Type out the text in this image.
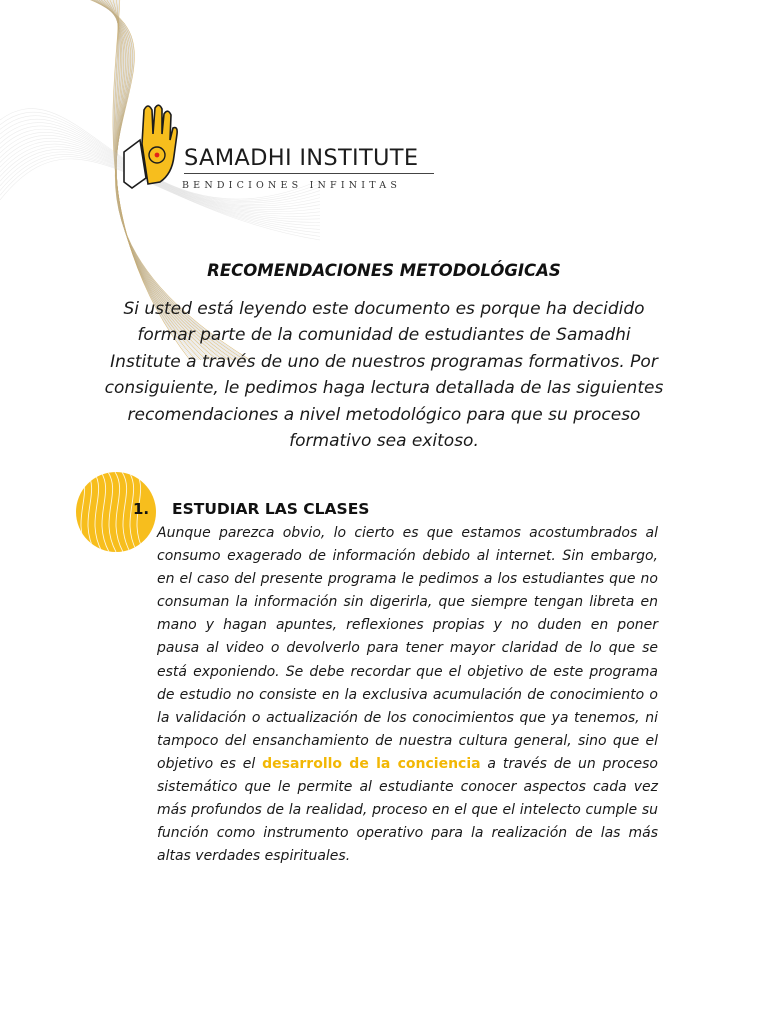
SAMADHI INSTITUTE
BENDICIONES INFINITAS
RECOMENDACIONES METODOLÓGICAS
Si usted está leyendo este documento es porque ha decidido formar parte de la comunidad de estudiantes de Samadhi Institute a través de uno de nuestros programas formativos. Por consiguiente, le pedimos haga lectura detallada de las siguientes recomendaciones a nivel metodológico para que su proceso formativo sea exitoso.
1. ESTUDIAR LAS CLASES
Aunque parezca obvio, lo cierto es que estamos acostumbrados al consumo exagerado de información debido al internet. Sin embargo, en el caso del presente programa le pedimos a los estudiantes que no consuman la información sin digerirla, que siempre tengan libreta en mano y hagan apuntes, reflexiones propias y no duden en poner pausa al video o devolverlo para tener mayor claridad de lo que se está exponiendo. Se debe recordar que el objetivo de este programa de estudio no consiste en la exclusiva acumulación de conocimiento o la validación o actualización de los conocimientos que ya tenemos, ni tampoco del ensanchamiento de nuestra cultura general, sino que el objetivo es el desarrollo de la conciencia a través de un proceso sistemático que le permite al estudiante conocer aspectos cada vez más profundos de la realidad, proceso en el que el intelecto cumple su función como instrumento operativo para la realización de las más altas verdades espirituales.
